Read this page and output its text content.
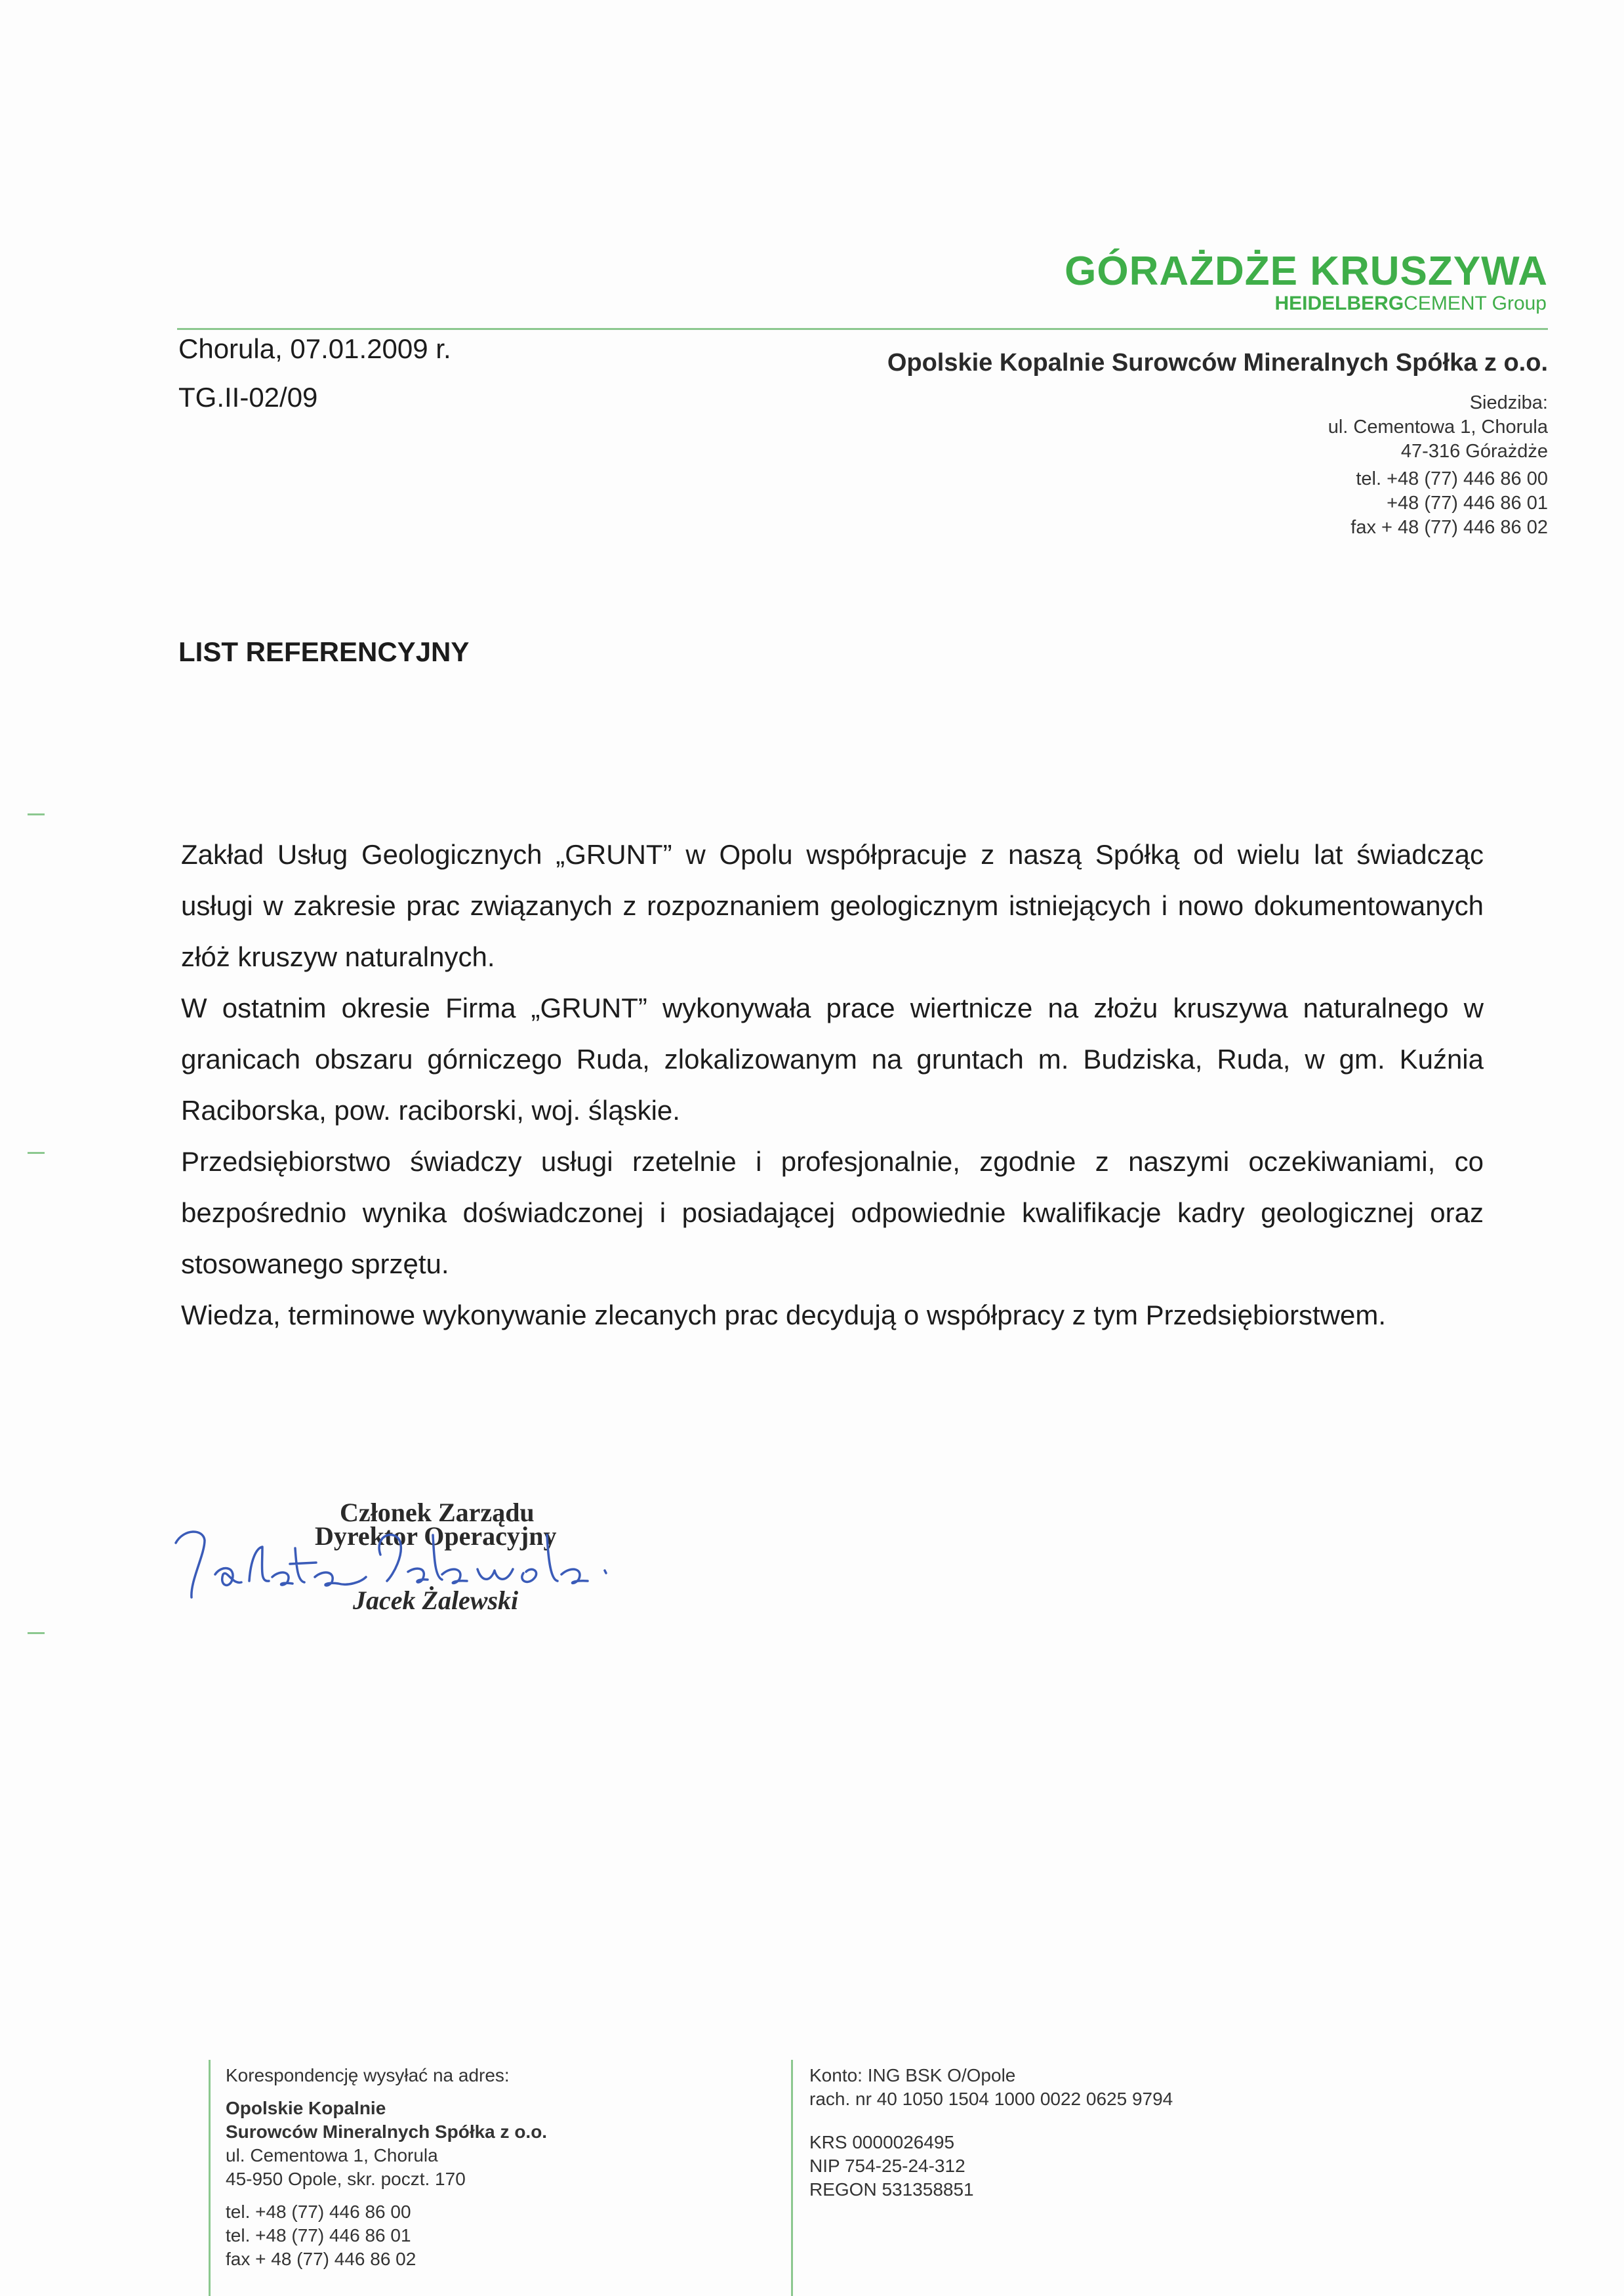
GÓRAŻDŻE KRUSZYWA
HEIDELBERGCEMENT Group
Chorula, 07.01.2009 r.
TG.II-02/09
Opolskie Kopalnie Surowców Mineralnych Spółka z o.o.
Siedziba:
ul. Cementowa 1, Chorula
47-316 Górażdże
tel. +48 (77) 446 86 00
+48 (77) 446 86 01
fax + 48 (77) 446 86 02
LIST REFERENCYJNY

Zakład Usług Geologicznych „GRUNT” w Opolu współpracuje z naszą Spółką od wielu lat świadcząc usługi w zakresie prac związanych z rozpoznaniem geologicznym istniejących i nowo dokumentowanych złóż kruszyw naturalnych.

W ostatnim okresie Firma „GRUNT” wykonywała prace wiertnicze na złożu kruszywa naturalnego w granicach obszaru górniczego Ruda, zlokalizowanym na gruntach m. Budziska, Ruda, w gm. Kuźnia Raciborska, pow. raciborski, woj. śląskie.

Przedsiębiorstwo świadczy usługi rzetelnie i profesjonalnie, zgodnie z naszymi oczekiwaniami, co bezpośrednio wynika doświadczonej i posiadającej odpowiednie kwalifikacje kadry geologicznej oraz stosowanego sprzętu.

Wiedza, terminowe wykonywanie zlecanych prac decydują o współpracy z tym Przedsiębiorstwem.

Członek Zarządu
Dyrektor Operacyjny
Jacek Żalewski
Korespondencję wysyłać na adres:
Opolskie Kopalnie
Surowców Mineralnych Spółka z o.o.
ul. Cementowa 1, Chorula
45-950 Opole, skr. poczt. 170
tel. +48 (77) 446 86 00
tel. +48 (77) 446 86 01
fax + 48 (77) 446 86 02
Konto: ING BSK O/Opole
rach. nr 40 1050 1504 1000 0022 0625 9794
KRS 0000026495
NIP 754-25-24-312
REGON 531358851
